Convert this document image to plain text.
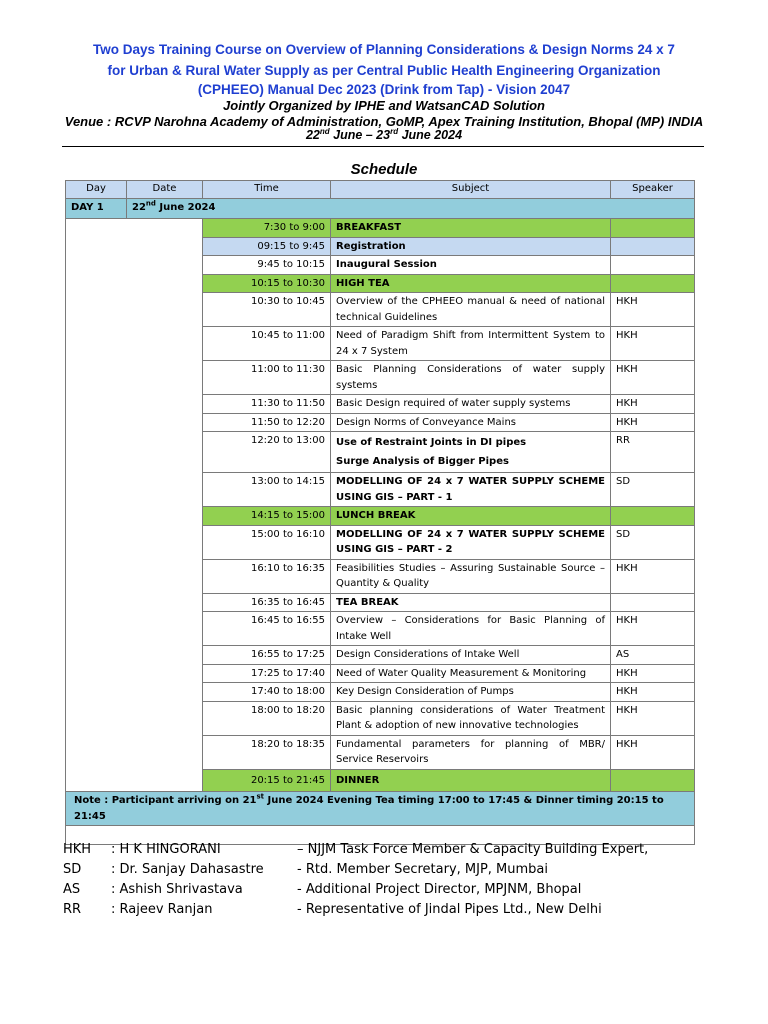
Two Days Training Course on Overview of Planning Considerations & Design Norms 24 x 7
for Urban & Rural Water Supply as per Central Public Health Engineering Organization
(CPHEEO) Manual Dec 2023 (Drink from Tap) - Vision 2047
Jointly Organized by IPHE and WatsanCAD Solution
Venue : RCVP Narohna Academy of Administration, GoMP, Apex Training Institution, Bhopal (MP) INDIA
22nd June – 23rd June 2024
Schedule
Day	Date	Time	Subject	Speaker
DAY 1	22nd June 2024			
		7:30 to 9:00	BREAKFAST	
		09:15 to 9:45	Registration	
		9:45 to 10:15	Inaugural Session	
		10:15 to 10:30	HIGH TEA	
		10:30 to 10:45	Overview of the CPHEEO manual & need of national technical Guidelines	HKH
		10:45 to 11:00	Need of Paradigm Shift from Intermittent System to 24 x 7 System	HKH
		11:00 to 11:30	Basic Planning Considerations of water supply systems	HKH
		11:30 to 11:50	Basic Design required of water supply systems	HKH
		11:50 to 12:20	Design Norms of Conveyance Mains	HKH
		12:20 to 13:00	Use of Restraint Joints in DI pipes
Surge Analysis of Bigger Pipes	RR
		13:00 to 14:15	MODELLING OF 24 x 7 WATER SUPPLY SCHEME USING GIS – PART - 1	SD
		14:15 to 15:00	LUNCH BREAK	
		15:00 to 16:10	MODELLING OF 24 x 7 WATER SUPPLY SCHEME USING GIS – PART - 2	SD
		16:10 to 16:35	Feasibilities Studies – Assuring Sustainable Source – Quantity & Quality	HKH
		16:35 to 16:45	TEA BREAK	
		16:45 to 16:55	Overview – Considerations for Basic Planning of Intake Well	HKH
		16:55 to 17:25	Design Considerations of Intake Well	AS
		17:25 to 17:40	Need of Water Quality Measurement & Monitoring	HKH
		17:40 to 18:00	Key Design Consideration of Pumps	HKH
		18:00 to 18:20	Basic planning considerations of Water Treatment Plant & adoption of new innovative technologies	HKH
		18:20 to 18:35	Fundamental parameters for planning of MBR/ Service Reservoirs	HKH
		20:15 to 21:45	DINNER	
Note : Participant arriving on 21st June 2024 Evening Tea timing 17:00 to 17:45 & Dinner timing 20:15 to 21:45				

HKH : H K HINGORANI	– NJJM Task Force Member & Capacity Building Expert,
SD : Dr. Sanjay Dahasastre	- Rtd. Member Secretary, MJP, Mumbai
AS : Ashish Shrivastava	- Additional Project Director, MPJNM, Bhopal
RR : Rajeev Ranjan	- Representative of Jindal Pipes Ltd., New Delhi
